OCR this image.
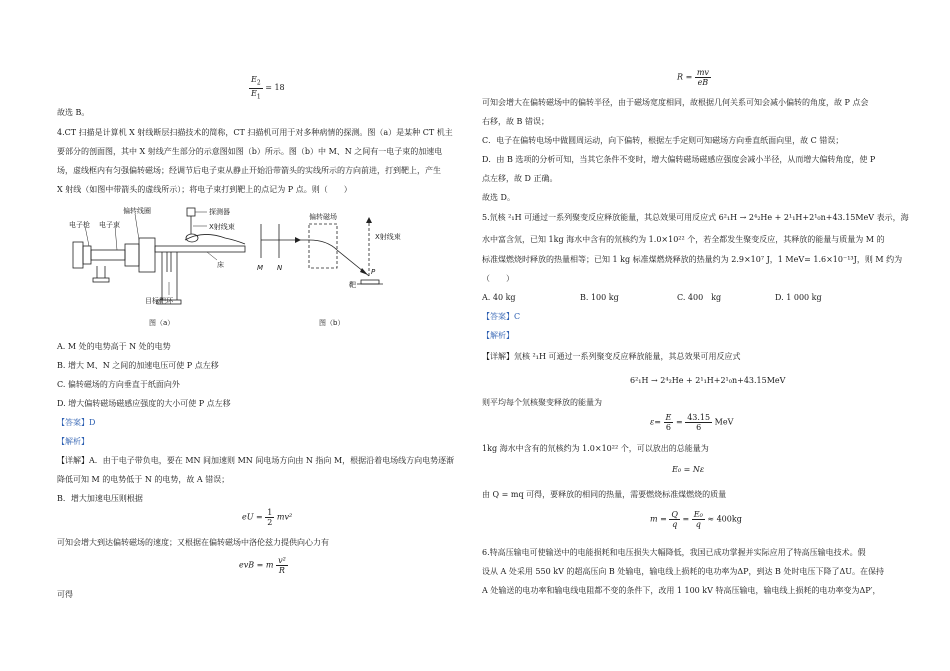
$\frac{E_2}{E_1} = 18$
故选 B。
4.CT 扫描是计算机 X 射线断层扫描技术的简称，CT 扫描机可用于对多种病情的探测。图（a）是某种 CT 机主
要部分的剖面图，其中 X 射线产生部分的示意图如图（b）所示。图（b）中 M、N 之间有一电子束的加速电
场，虚线框内有匀强偏转磁场；经调节后电子束从静止开始沿带箭头的实线所示的方向前进，打到靶上，产生
X 射线（如图中带箭头的虚线所示）；将电子束打到靶上的点记为 P 点。则（　　）
电子枪 电子束
偏转线圈	探测器
X射线束
床
目标靶环
图（a）
偏转磁场
X射线束
M N
靶
P
图（b）
A. M 处的电势高于 N 处的电势
B. 增大 M、N 之间的加速电压可使 P 点左移
C. 偏转磁场的方向垂直于纸面向外
D. 增大偏转磁场磁感应强度的大小可使 P 点左移
【答案】D
【解析】
【详解】A．由于电子带负电，要在 MN 间加速则 MN 间电场方向由 N 指向 M，根据沿着电场线方向电势逐渐
降低可知 M 的电势低于 N 的电势，故 A 错误；
B．增大加速电压则根据
eU = $\frac{1}{2} mv^2$
可知会增大到达偏转磁场的速度；又根据在偏转磁场中洛伦兹力提供向心力有
evB = m $\frac{\text{v²}}{R}$
可得
$R = \frac{mv}{eB}$
可知会增大在偏转磁场中的偏转半径，由于磁场宽度相同，故根据几何关系可知会减小偏转的角度，故 P 点会
右移，故 B 错误；
C．电子在偏转电场中做圆周运动，向下偏转，根据左手定则可知磁场方向垂直纸面向里，故 C 错误；
D．由 B 选项的分析可知，当其它条件不变时，增大偏转磁场磁感应强度会减小半径，从而增大偏转角度，使 P
点左移，故 D 正确。
故选 D。
5.氘核 ²₁H 可通过一系列聚变反应释放能量，其总效果可用反应式 6²₁H → 2⁴₂He + 2¹₁H+2¹₀n+43.15MeV 表示，海
水中富含氘，已知 1kg 海水中含有的氘核约为 1.0×10²² 个，若全都发生聚变反应，其释放的能量与质量为 M 的
标准煤燃烧时释放的热量相等；已知 1 kg 标准煤燃烧释放的热量约为 2.9×10⁷ J，1 MeV= 1.6×10⁻¹³J，则 M 约为
（　　）
A. 40 kg	B. 100 kg	C. 400　kg	D. 1 000 kg
【答案】C
【解析】
【详解】氘核 ²₁H 可通过一系列聚变反应释放能量，其总效果可用反应式
6²₁H → 2⁴₂He + 2¹₁H+2¹₀n+43.15MeV
则平均每个氘核聚变释放的能量为
$\varepsilon= \frac{E}{6} = \frac{43.15}{6}$ MeV
1kg 海水中含有的氘核约为 1.0×10²² 个，可以放出的总能量为
E₀ = Nε
由 Q = mq 可得，要释放的相同的热量，需要燃烧标准煤燃烧的质量
$m = \frac{Q}{q} = \frac{\text{E₀}}{q} \approx 400kg$
6.特高压输电可使输送中的电能损耗和电压损失大幅降低，我国已成功掌握并实际应用了特高压输电技术。假
设从 A 处采用 550 kV 的超高压向 B 处输电，输电线上损耗的电功率为ΔP，到达 B 处时电压下降了ΔU。在保持
A 处输送的电功率和输电线电阻都不变的条件下，改用 1 100 kV 特高压输电，输电线上损耗的电功率变为ΔP′，
